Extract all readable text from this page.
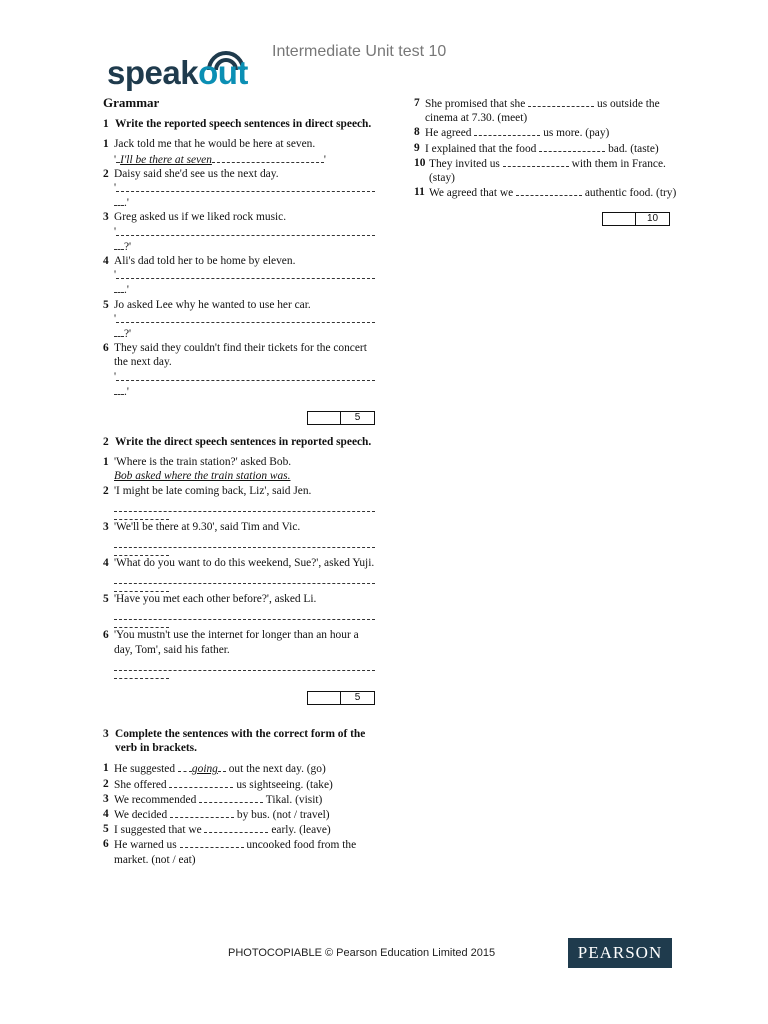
speakout
Intermediate Unit test 10
Grammar
1 Write the reported speech sentences in direct speech.
1 Jack told me that he would be here at seven.
' I'll be there at seven	'
2 Daisy said she'd see us the next day.
'
.'
3 Greg asked us if we liked rock music.
'
?'
4 Ali's dad told her to be home by eleven.
'
.'
5 Jo asked Lee why he wanted to use her car.
'
?'
6 They said they couldn't find their tickets for the concert the next day.
'
.'
5
2 Write the direct speech sentences in reported speech.
1 'Where is the train station?' asked Bob.
Bob asked where the train station was.
2 'I might be late coming back, Liz', said Jen.
3 'We'll be there at 9.30', said Tim and Vic.
4 'What do you want to do this weekend, Sue?', asked Yuji.
5 'Have you met each other before?', asked Li.
6 'You mustn't use the internet for longer than an hour a day, Tom', said his father.
5
3 Complete the sentences with the correct form of the verb in brackets.
1 He suggested going out the next day. (go)
2 She offered	us sightseeing. (take)
3 We recommended	Tikal. (visit)
4 We decided	by bus. (not / travel)
5 I suggested that we	early. (leave)
6 He warned us	uncooked food from the market. (not / eat)
7 She promised that she	us outside the cinema at 7.30. (meet)
8 He agreed	us more. (pay)
9 I explained that the food	bad. (taste)
10 They invited us	with them in France. (stay)
11 We agreed that we	authentic food. (try)
10
PHOTOCOPIABLE © Pearson Education Limited 2015	PEARSON
